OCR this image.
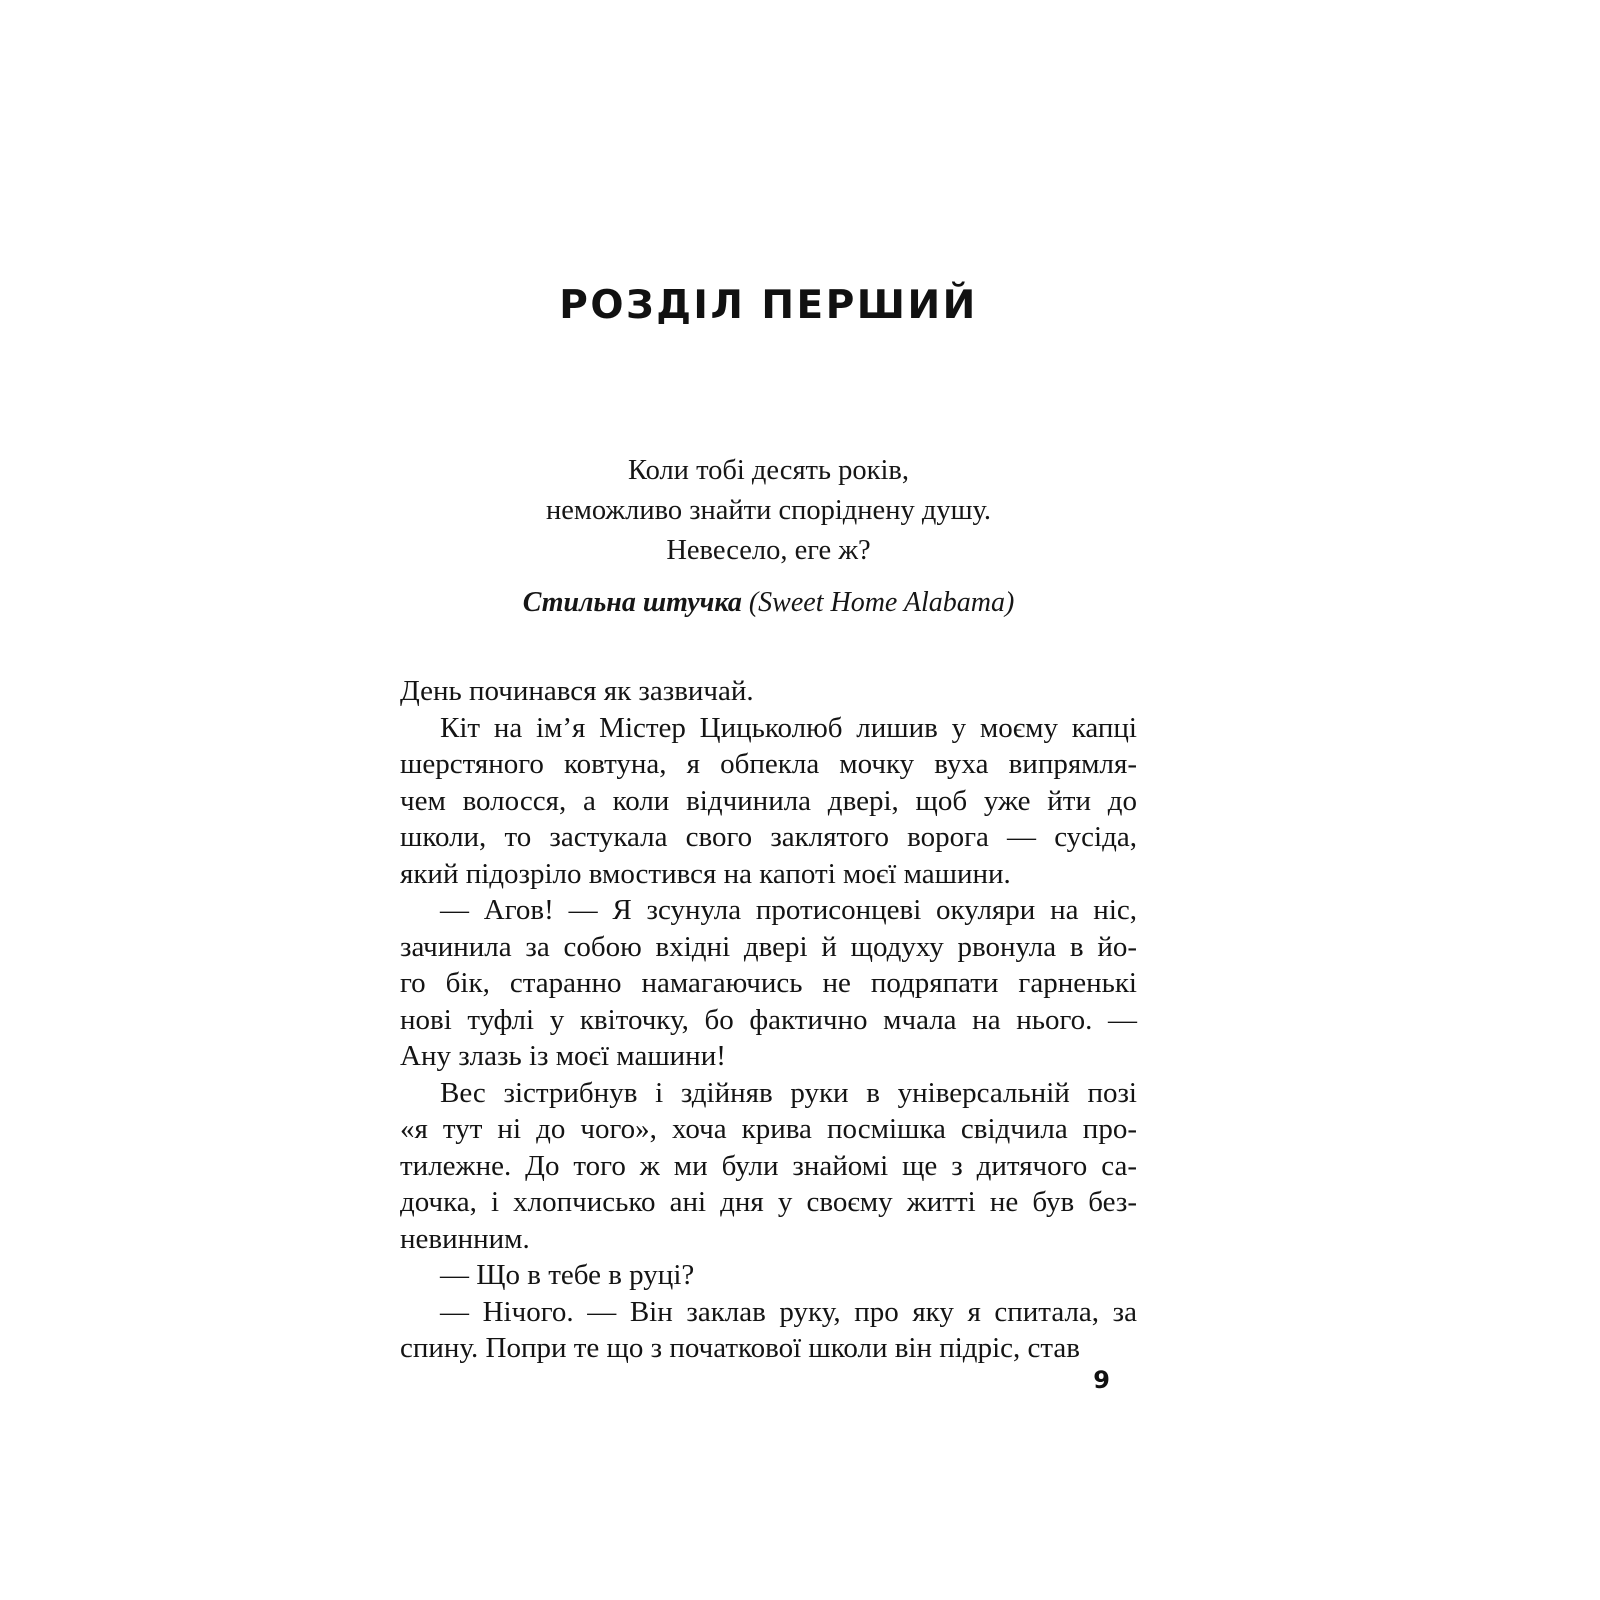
РОЗДІЛ ПЕРШИЙ
Коли тобі десять років,
неможливо знайти споріднену душу.
Невесело, еге ж?
Стильна штучка (Sweet Home Alabama)
День починався як зазвичай.
Кіт на ім’я Містер Цицьколюб лишив у моєму капці
шерстяного ковтуна, я обпекла мочку вуха випрямля-
чем волосся, а коли відчинила двері, щоб уже йти до
школи, то застукала свого заклятого ворога — сусіда,
який підозріло вмостився на капоті моєї машини.
— Агов! — Я зсунула протисонцеві окуляри на ніс,
зачинила за собою вхідні двері й щодуху рвонула в йо-
го бік, старанно намагаючись не подряпати гарненькі
нові туфлі у квіточку, бо фактично мчала на нього. —
Ану злазь із моєї машини!
Вес зістрибнув і здійняв руки в універсальній позі
«я тут ні до чого», хоча крива посмішка свідчила про-
тилежне. До того ж ми були знайомі ще з дитячого са-
дочка, і хлопчисько ані дня у своєму житті не був без-
невинним.
— Що в тебе в руці?
— Нічого. — Він заклав руку, про яку я спитала, за
спину. Попри те що з початкової школи він підріс, став
9
